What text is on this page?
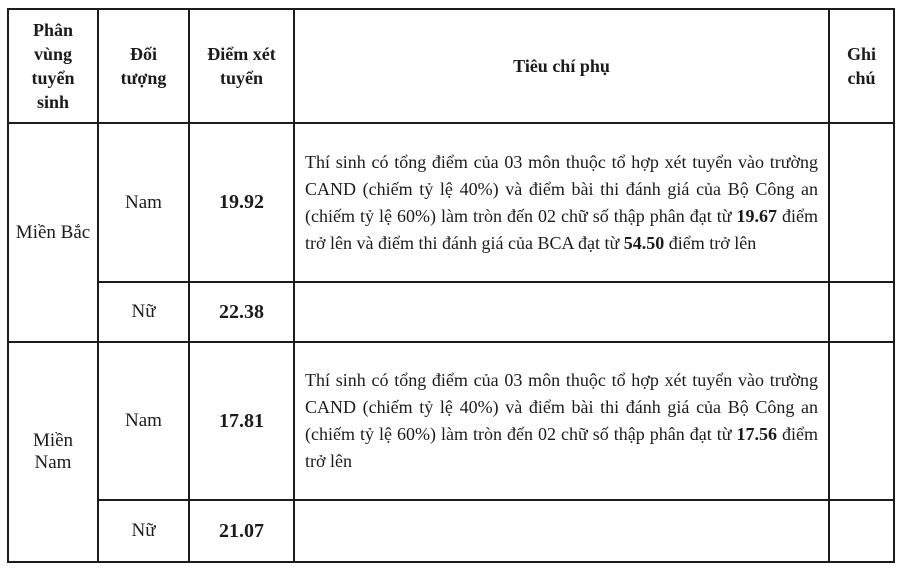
Phân vùng tuyển sinh	Đối tượng	Điểm xét tuyển	Tiêu chí phụ	Ghi chú
Miền Bắc	Nam	19.92	Thí sinh có tổng điểm của 03 môn thuộc tổ hợp xét tuyển vào trường CAND (chiếm tỷ lệ 40%) và điểm bài thi đánh giá của Bộ Công an (chiếm tỷ lệ 60%) làm tròn đến 02 chữ số thập phân đạt từ 19.67 điểm trở lên và điểm thi đánh giá của BCA đạt từ 54.50 điểm trở lên	
	Nữ	22.38		
Miền Nam	Nam	17.81	Thí sinh có tổng điểm của 03 môn thuộc tổ hợp xét tuyển vào trường CAND (chiếm tỷ lệ 40%) và điểm bài thi đánh giá của Bộ Công an (chiếm tỷ lệ 60%) làm tròn đến 02 chữ số thập phân đạt từ 17.56 điểm trở lên	
	Nữ	21.07		
